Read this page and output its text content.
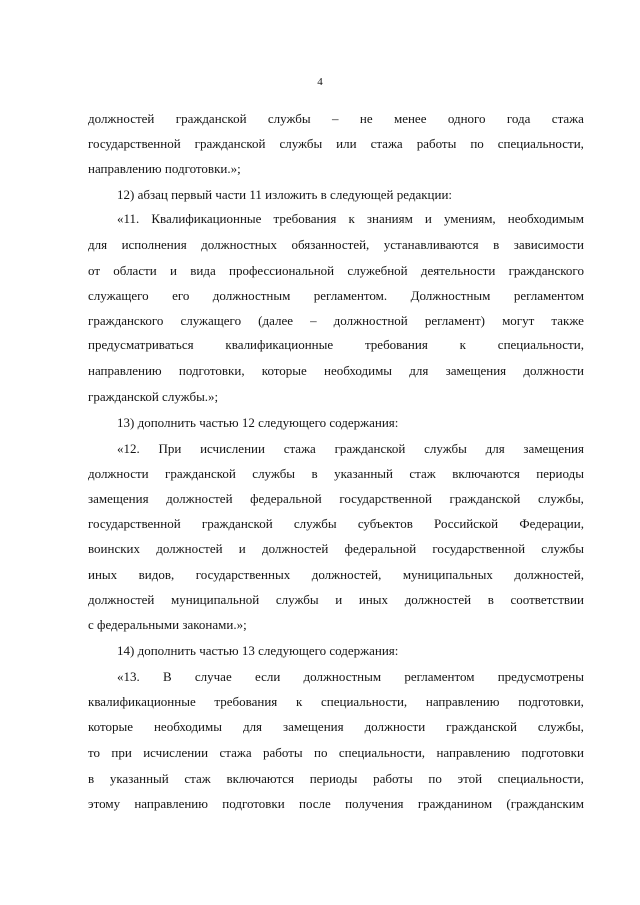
4
должностей гражданской службы – не менее одного года стажа
государственной гражданской службы или стажа работы по специальности,
направлению подготовки.»;
12) абзац первый части 11 изложить в следующей редакции:
«11. Квалификационные требования к знаниям и умениям, необходимым
для исполнения должностных обязанностей, устанавливаются в зависимости
от области и вида профессиональной служебной деятельности гражданского
служащего его должностным регламентом. Должностным регламентом
гражданского служащего (далее – должностной регламент) могут также
предусматриваться квалификационные требования к специальности,
направлению подготовки, которые необходимы для замещения должности
гражданской службы.»;
13) дополнить частью 12 следующего содержания:
«12. При исчислении стажа гражданской службы для замещения
должности гражданской службы в указанный стаж включаются периоды
замещения должностей федеральной государственной гражданской службы,
государственной гражданской службы субъектов Российской Федерации,
воинских должностей и должностей федеральной государственной службы
иных видов, государственных должностей, муниципальных должностей,
должностей муниципальной службы и иных должностей в соответствии
с федеральными законами.»;
14) дополнить частью 13 следующего содержания:
«13. В случае если должностным регламентом предусмотрены
квалификационные требования к специальности, направлению подготовки,
которые необходимы для замещения должности гражданской службы,
то при исчислении стажа работы по специальности, направлению подготовки
в указанный стаж включаются периоды работы по этой специальности,
этому направлению подготовки после получения гражданином (гражданским
